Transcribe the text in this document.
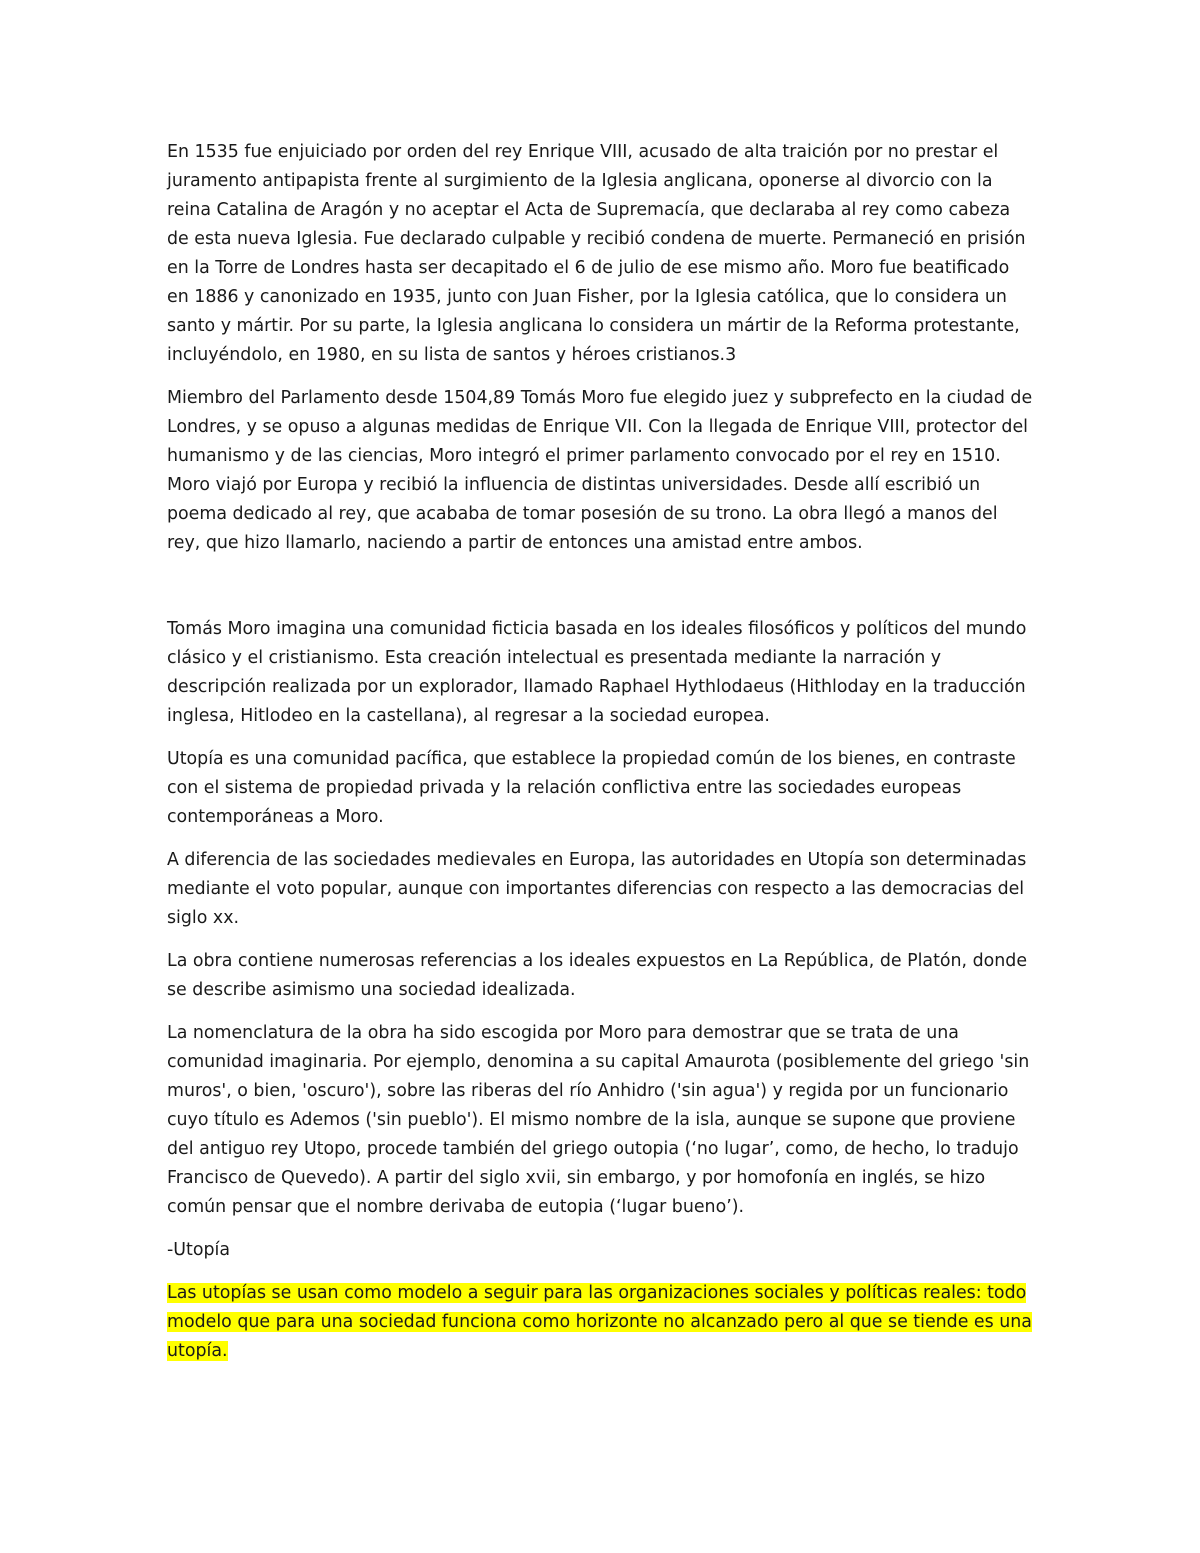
En 1535 fue enjuiciado por orden del rey Enrique VIII, acusado de alta traición por no prestar el juramento antipapista frente al surgimiento de la Iglesia anglicana, oponerse al divorcio con la reina Catalina de Aragón y no aceptar el Acta de Supremacía, que declaraba al rey como cabeza de esta nueva Iglesia. Fue declarado culpable y recibió condena de muerte. Permaneció en prisión en la Torre de Londres hasta ser decapitado el 6 de julio de ese mismo año. Moro fue beatificado en 1886 y canonizado en 1935, junto con Juan Fisher, por la Iglesia católica, que lo considera un santo y mártir. Por su parte, la Iglesia anglicana lo considera un mártir de la Reforma protestante, incluyéndolo, en 1980, en su lista de santos y héroes cristianos.3

Miembro del Parlamento desde 1504,89 Tomás Moro fue elegido juez y subprefecto en la ciudad de Londres, y se opuso a algunas medidas de Enrique VII. Con la llegada de Enrique VIII, protector del humanismo y de las ciencias, Moro integró el primer parlamento convocado por el rey en 1510. Moro viajó por Europa y recibió la influencia de distintas universidades. Desde allí escribió un poema dedicado al rey, que acababa de tomar posesión de su trono. La obra llegó a manos del rey, que hizo llamarlo, naciendo a partir de entonces una amistad entre ambos.

Tomás Moro imagina una comunidad ficticia basada en los ideales filosóficos y políticos del mundo clásico y el cristianismo. Esta creación intelectual es presentada mediante la narración y descripción realizada por un explorador, llamado Raphael Hythlodaeus (Hithloday en la traducción inglesa, Hitlodeo en la castellana), al regresar a la sociedad europea.

Utopía es una comunidad pacífica, que establece la propiedad común de los bienes, en contraste con el sistema de propiedad privada y la relación conflictiva entre las sociedades europeas contemporáneas a Moro.

A diferencia de las sociedades medievales en Europa, las autoridades en Utopía son determinadas mediante el voto popular, aunque con importantes diferencias con respecto a las democracias del siglo xx.

La obra contiene numerosas referencias a los ideales expuestos en La República, de Platón, donde se describe asimismo una sociedad idealizada.

La nomenclatura de la obra ha sido escogida por Moro para demostrar que se trata de una comunidad imaginaria. Por ejemplo, denomina a su capital Amaurota (posiblemente del griego 'sin muros', o bien, 'oscuro'), sobre las riberas del río Anhidro ('sin agua') y regida por un funcionario cuyo título es Ademos ('sin pueblo'). El mismo nombre de la isla, aunque se supone que proviene del antiguo rey Utopo, procede también del griego outopia (‘no lugar’, como, de hecho, lo tradujo Francisco de Quevedo). A partir del siglo xvii, sin embargo, y por homofonía en inglés, se hizo común pensar que el nombre derivaba de eutopia (‘lugar bueno’).

-Utopía

Las utopías se usan como modelo a seguir para las organizaciones sociales y políticas reales: todo modelo que para una sociedad funciona como horizonte no alcanzado pero al que se tiende es una utopía.
